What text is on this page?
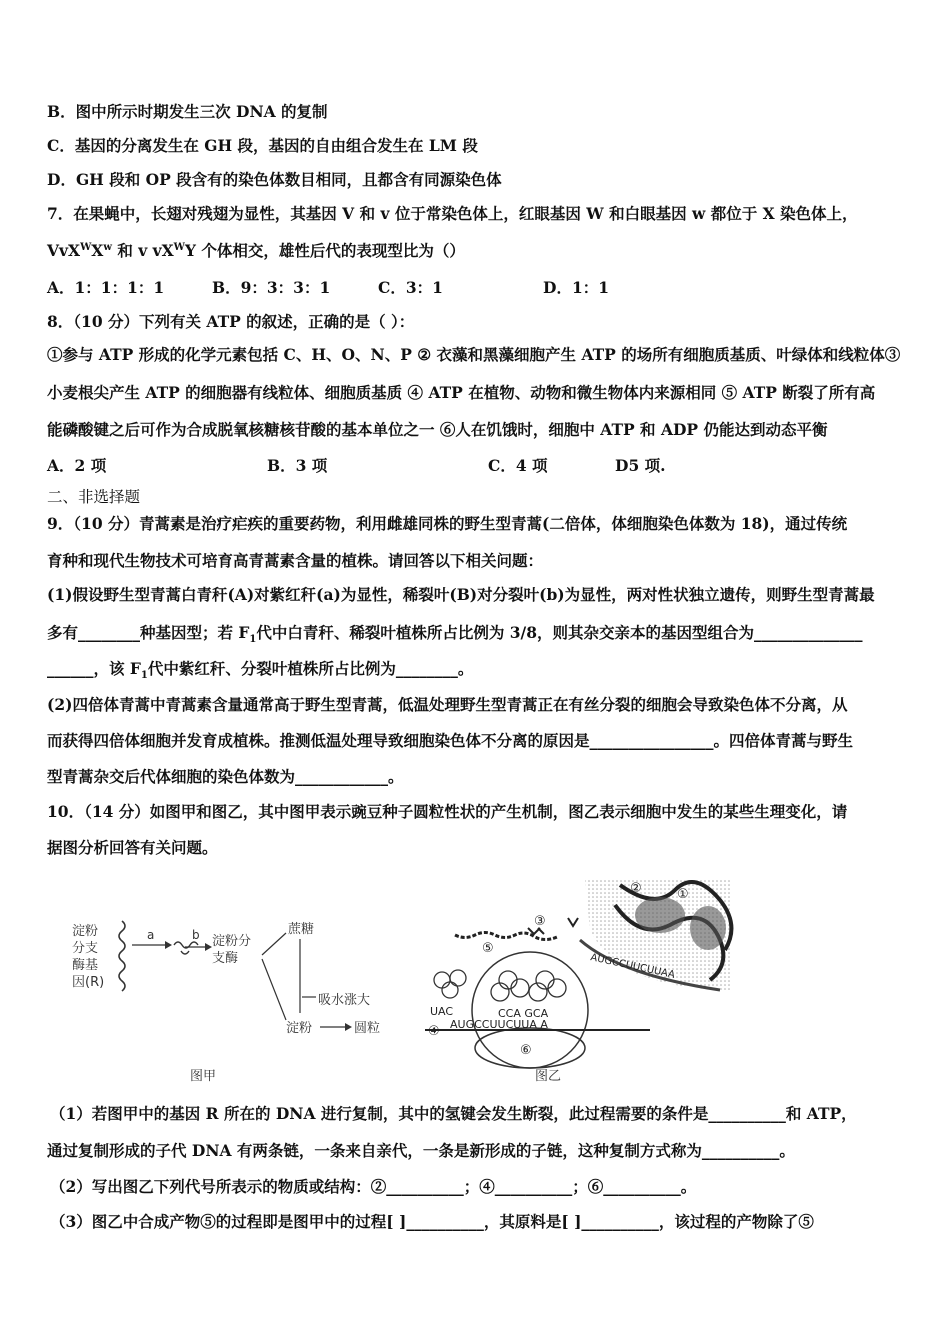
B．图中所示时期发生三次 DNA 的复制
C．基因的分离发生在 GH 段，基因的自由组合发生在 LM 段
D．GH 段和 OP 段含有的染色体数目相同，且都含有同源染色体
7．在果蝇中，长翅对残翅为显性，其基因 V 和 v 位于常染色体上，红眼基因 W 和白眼基因 w 都位于 X 染色体上，
$VvX^WX^w$ 和 v $vX^WY$ 个体相交，雄性后代的表现型比为（）
A．1：1：1：1	B．9：3：3：1	C．3：1	D．1：1
8．（10 分）下列有关 ATP 的叙述，正确的是（ ）：
①参与 ATP 形成的化学元素包括 C、H、O、N、P ② 衣藻和黑藻细胞产生 ATP 的场所有细胞质基质、叶绿体和线粒体③
小麦根尖产生 ATP 的细胞器有线粒体、细胞质基质 ④ ATP 在植物、动物和微生物体内来源相同 ⑤ ATP 断裂了所有高
能磷酸键之后可作为合成脱氧核糖核苷酸的基本单位之一 ⑥人在饥饿时，细胞中 ATP 和 ADP 仍能达到动态平衡
A．2 项	B．3 项	C．4 项	D5 项.
二、非选择题
9．（10 分）青蒿素是治疗疟疾的重要药物，利用雌雄同株的野生型青蒿(二倍体，体细胞染色体数为 18)，通过传统
育种和现代生物技术可培育高青蒿素含量的植株。请回答以下相关问题：
(1)假设野生型青蒿白青秆(A)对紫红秆(a)为显性，稀裂叶(B)对分裂叶(b)为显性，两对性状独立遗传，则野生型青蒿最
多有________种基因型；若 $F_1$代中白青秆、稀裂叶植株所占比例为 3/8，则其杂交亲本的基因型组合为______________
______，该 $F_1$代中紫红秆、分裂叶植株所占比例为________。
(2)四倍体青蒿中青蒿素含量通常高于野生型青蒿，低温处理野生型青蒿正在有丝分裂的细胞会导致染色体不分离，从
而获得四倍体细胞并发育成植株。推测低温处理导致细胞染色体不分离的原因是________________。四倍体青蒿与野生
型青蒿杂交后代体细胞的染色体数为____________。
10．（14 分）如图甲和图乙，其中图甲表示豌豆种子圆粒性状的产生机制，图乙表示细胞中发生的某些生理变化，请
据图分析回答有关问题。
淀粉
分支
酶基
因(R)
a	b 淀粉分
支酶
蔗糖
吸水涨大
淀粉	圆粒
图甲
①
②
AUGCCUUCUUAA
③
⑤
UAC	CCA GCA
AUGCCUUCUUA A
④
⑥
图乙
（1）若图甲中的基因 R 所在的 DNA 进行复制，其中的氢键会发生断裂，此过程需要的条件是__________和 ATP，
通过复制形成的子代 DNA 有两条链，一条来自亲代，一条是新形成的子链，这种复制方式称为__________。
（2）写出图乙下列代号所表示的物质或结构：②__________；④__________；⑥__________。
（3）图乙中合成产物⑤的过程即是图甲中的过程[ ]__________，其原料是[ ]__________，该过程的产物除了⑤
